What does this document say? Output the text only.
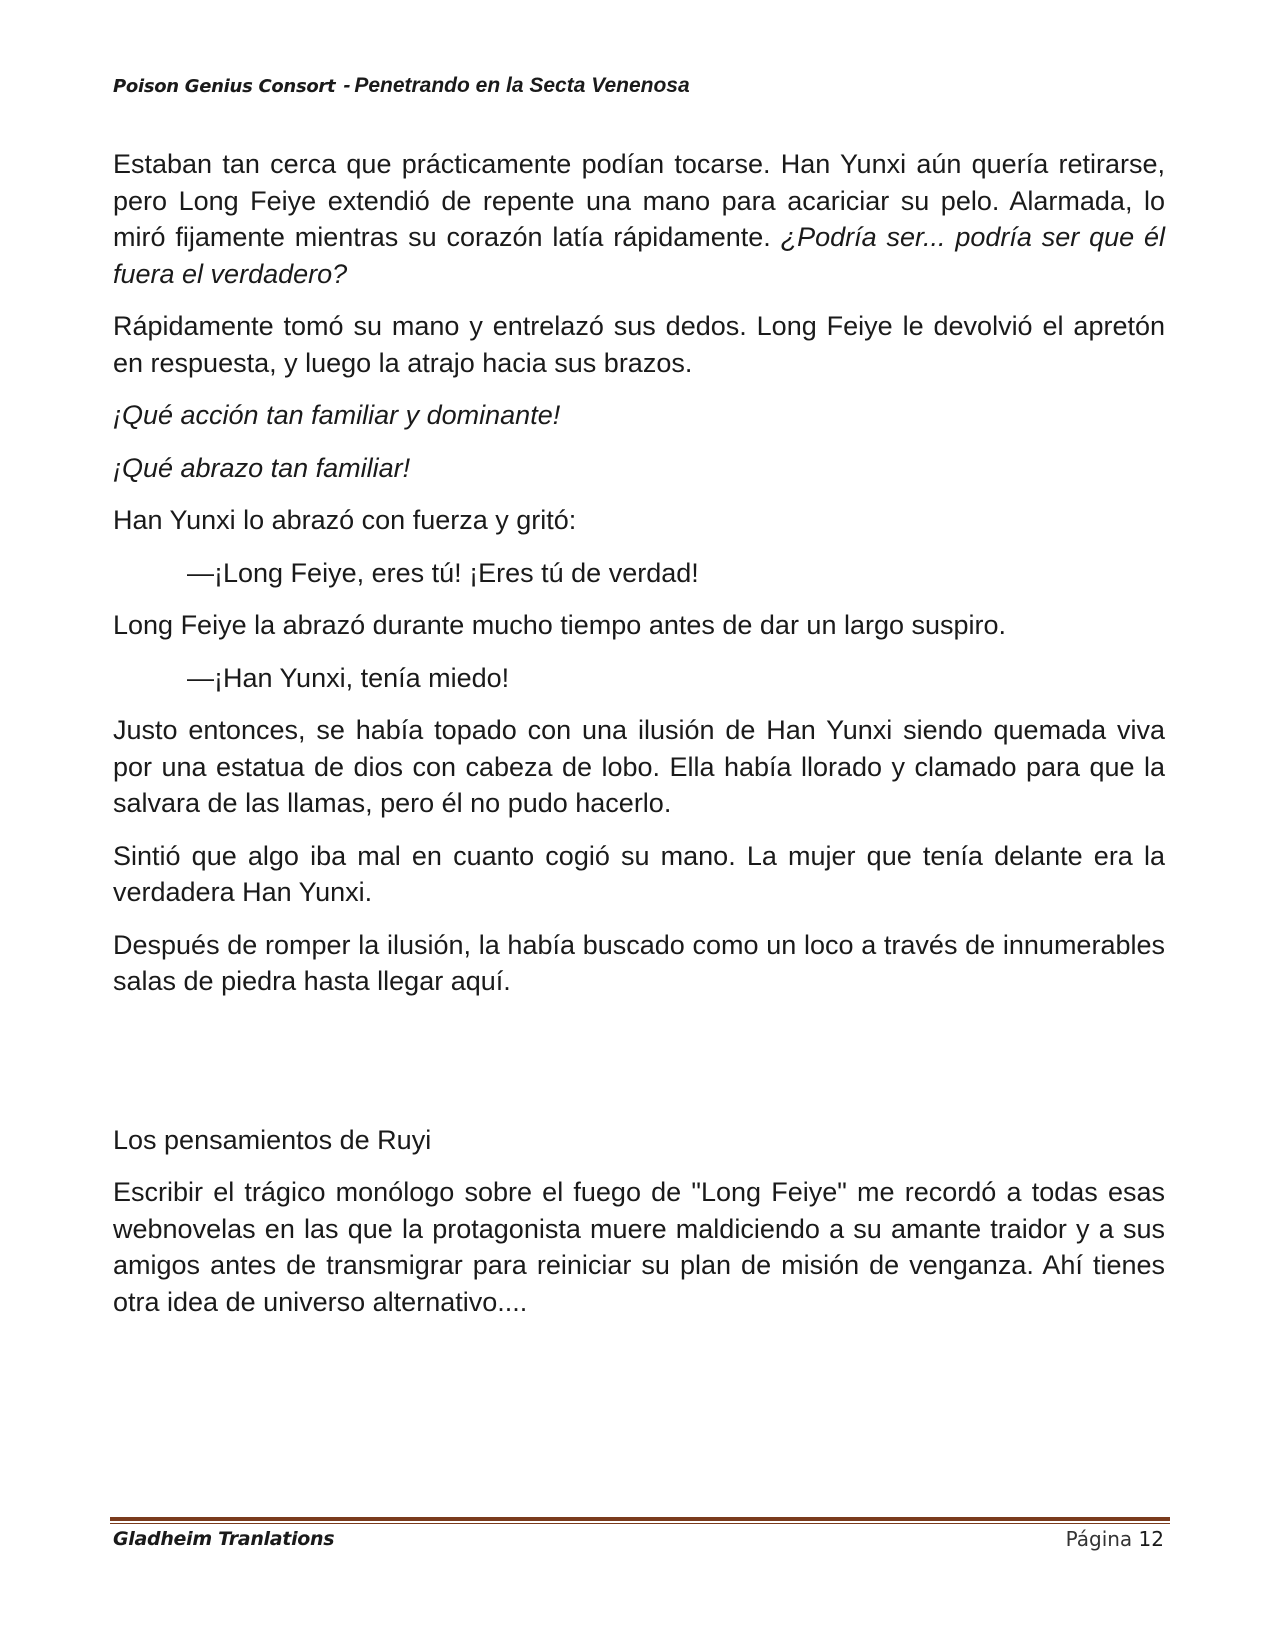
Poison Genius Consort - Penetrando en la Secta Venenosa

Estaban tan cerca que prácticamente podían tocarse. Han Yunxi aún quería retirarse, pero Long Feiye extendió de repente una mano para acariciar su pelo. Alarmada, lo miró fijamente mientras su corazón latía rápidamente. ¿Podría ser... podría ser que él fuera el verdadero?

Rápidamente tomó su mano y entrelazó sus dedos. Long Feiye le devolvió el apretón en respuesta, y luego la atrajo hacia sus brazos.

¡Qué acción tan familiar y dominante!

¡Qué abrazo tan familiar!

Han Yunxi lo abrazó con fuerza y gritó:

—¡Long Feiye, eres tú! ¡Eres tú de verdad!

Long Feiye la abrazó durante mucho tiempo antes de dar un largo suspiro.

—¡Han Yunxi, tenía miedo!

Justo entonces, se había topado con una ilusión de Han Yunxi siendo quemada viva por una estatua de dios con cabeza de lobo. Ella había llorado y clamado para que la salvara de las llamas, pero él no pudo hacerlo.

Sintió que algo iba mal en cuanto cogió su mano. La mujer que tenía delante era la verdadera Han Yunxi.

Después de romper la ilusión, la había buscado como un loco a través de innumerables salas de piedra hasta llegar aquí.

Los pensamientos de Ruyi

Escribir el trágico monólogo sobre el fuego de "Long Feiye" me recordó a todas esas webnovelas en las que la protagonista muere maldiciendo a su amante traidor y a sus amigos antes de transmigrar para reiniciar su plan de misión de venganza. Ahí tienes otra idea de universo alternativo....

Gladheim Tranlations	Página 12
